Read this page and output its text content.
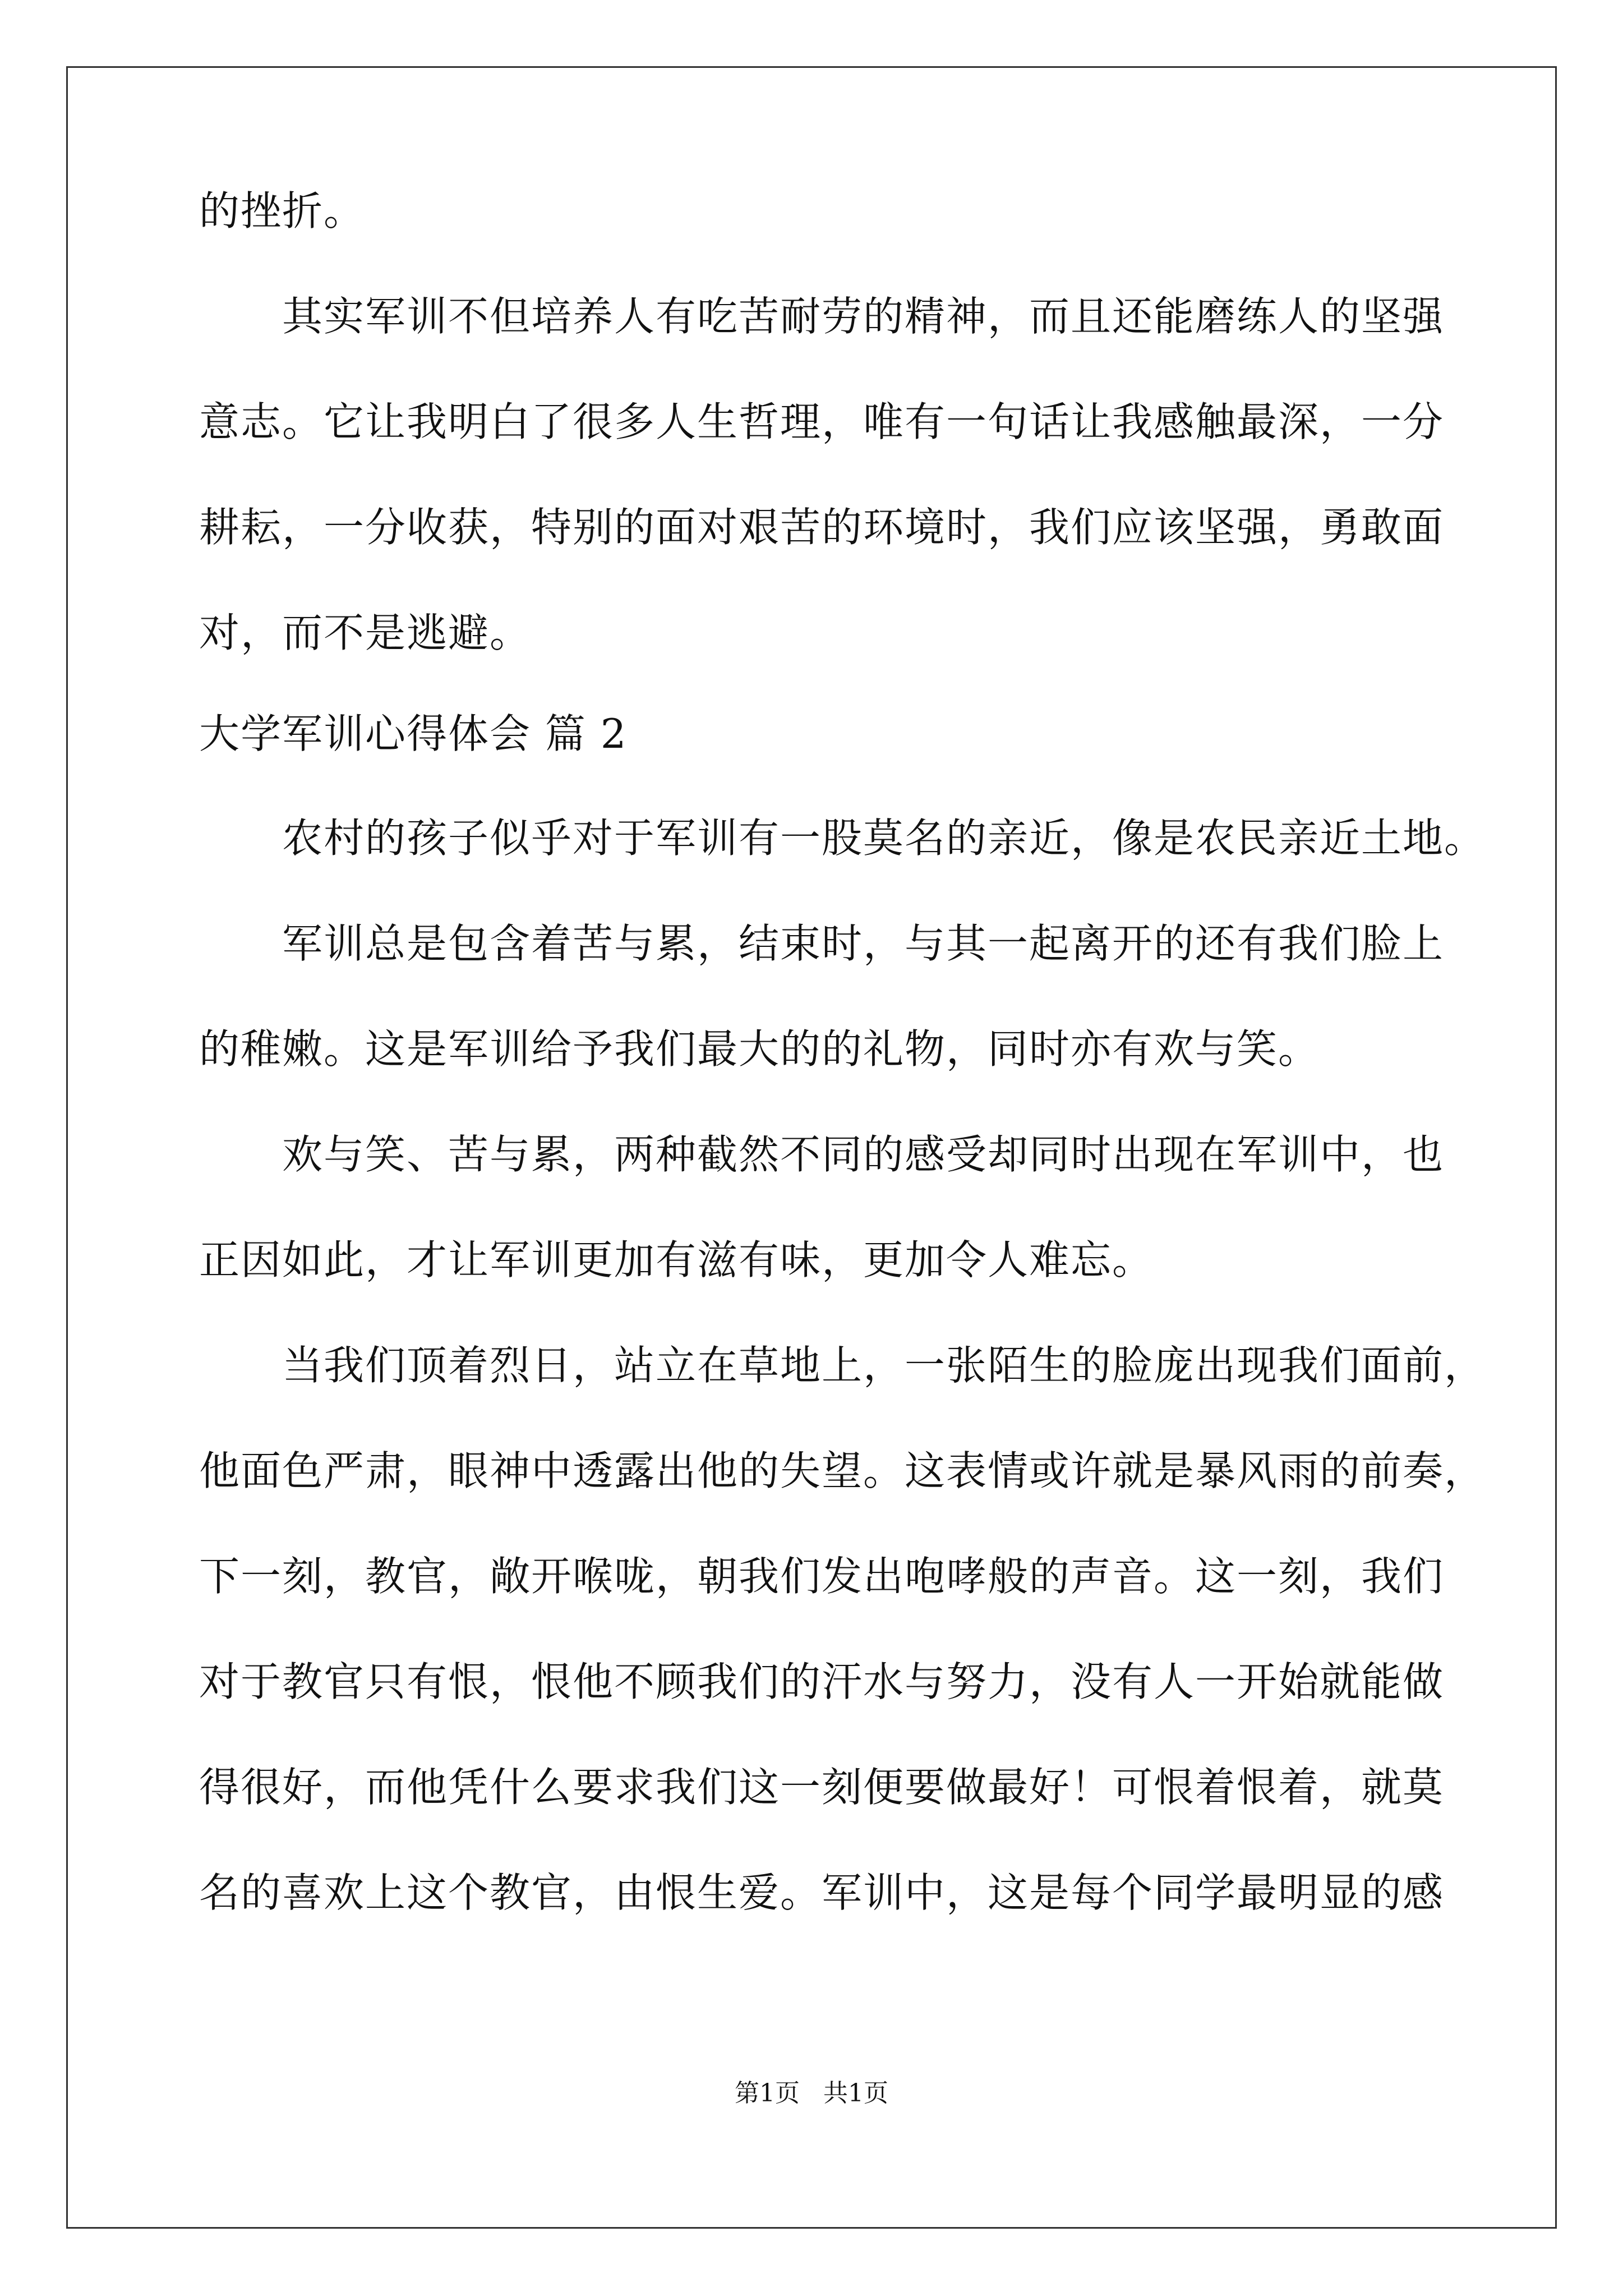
的挫折。
其实军训不但培养人有吃苦耐劳的精神，而且还能磨练人的坚强
意志。它让我明白了很多人生哲理，唯有一句话让我感触最深，一分
耕耘，一分收获，特别的面对艰苦的环境时，我们应该坚强，勇敢面
对，而不是逃避。
大学军训心得体会 篇 2
农村的孩子似乎对于军训有一股莫名的亲近，像是农民亲近土地。
军训总是包含着苦与累，结束时，与其一起离开的还有我们脸上
的稚嫩。这是军训给予我们最大的的礼物，同时亦有欢与笑。
欢与笑、苦与累，两种截然不同的感受却同时出现在军训中，也
正因如此，才让军训更加有滋有味，更加令人难忘。
当我们顶着烈日，站立在草地上，一张陌生的脸庞出现我们面前，
他面色严肃，眼神中透露出他的失望。这表情或许就是暴风雨的前奏，
下一刻，教官，敞开喉咙，朝我们发出咆哮般的声音。这一刻，我们
对于教官只有恨，恨他不顾我们的汗水与努力，没有人一开始就能做
得很好，而他凭什么要求我们这一刻便要做最好！可恨着恨着，就莫
名的喜欢上这个教官，由恨生爱。军训中，这是每个同学最明显的感
第1页   共1页
